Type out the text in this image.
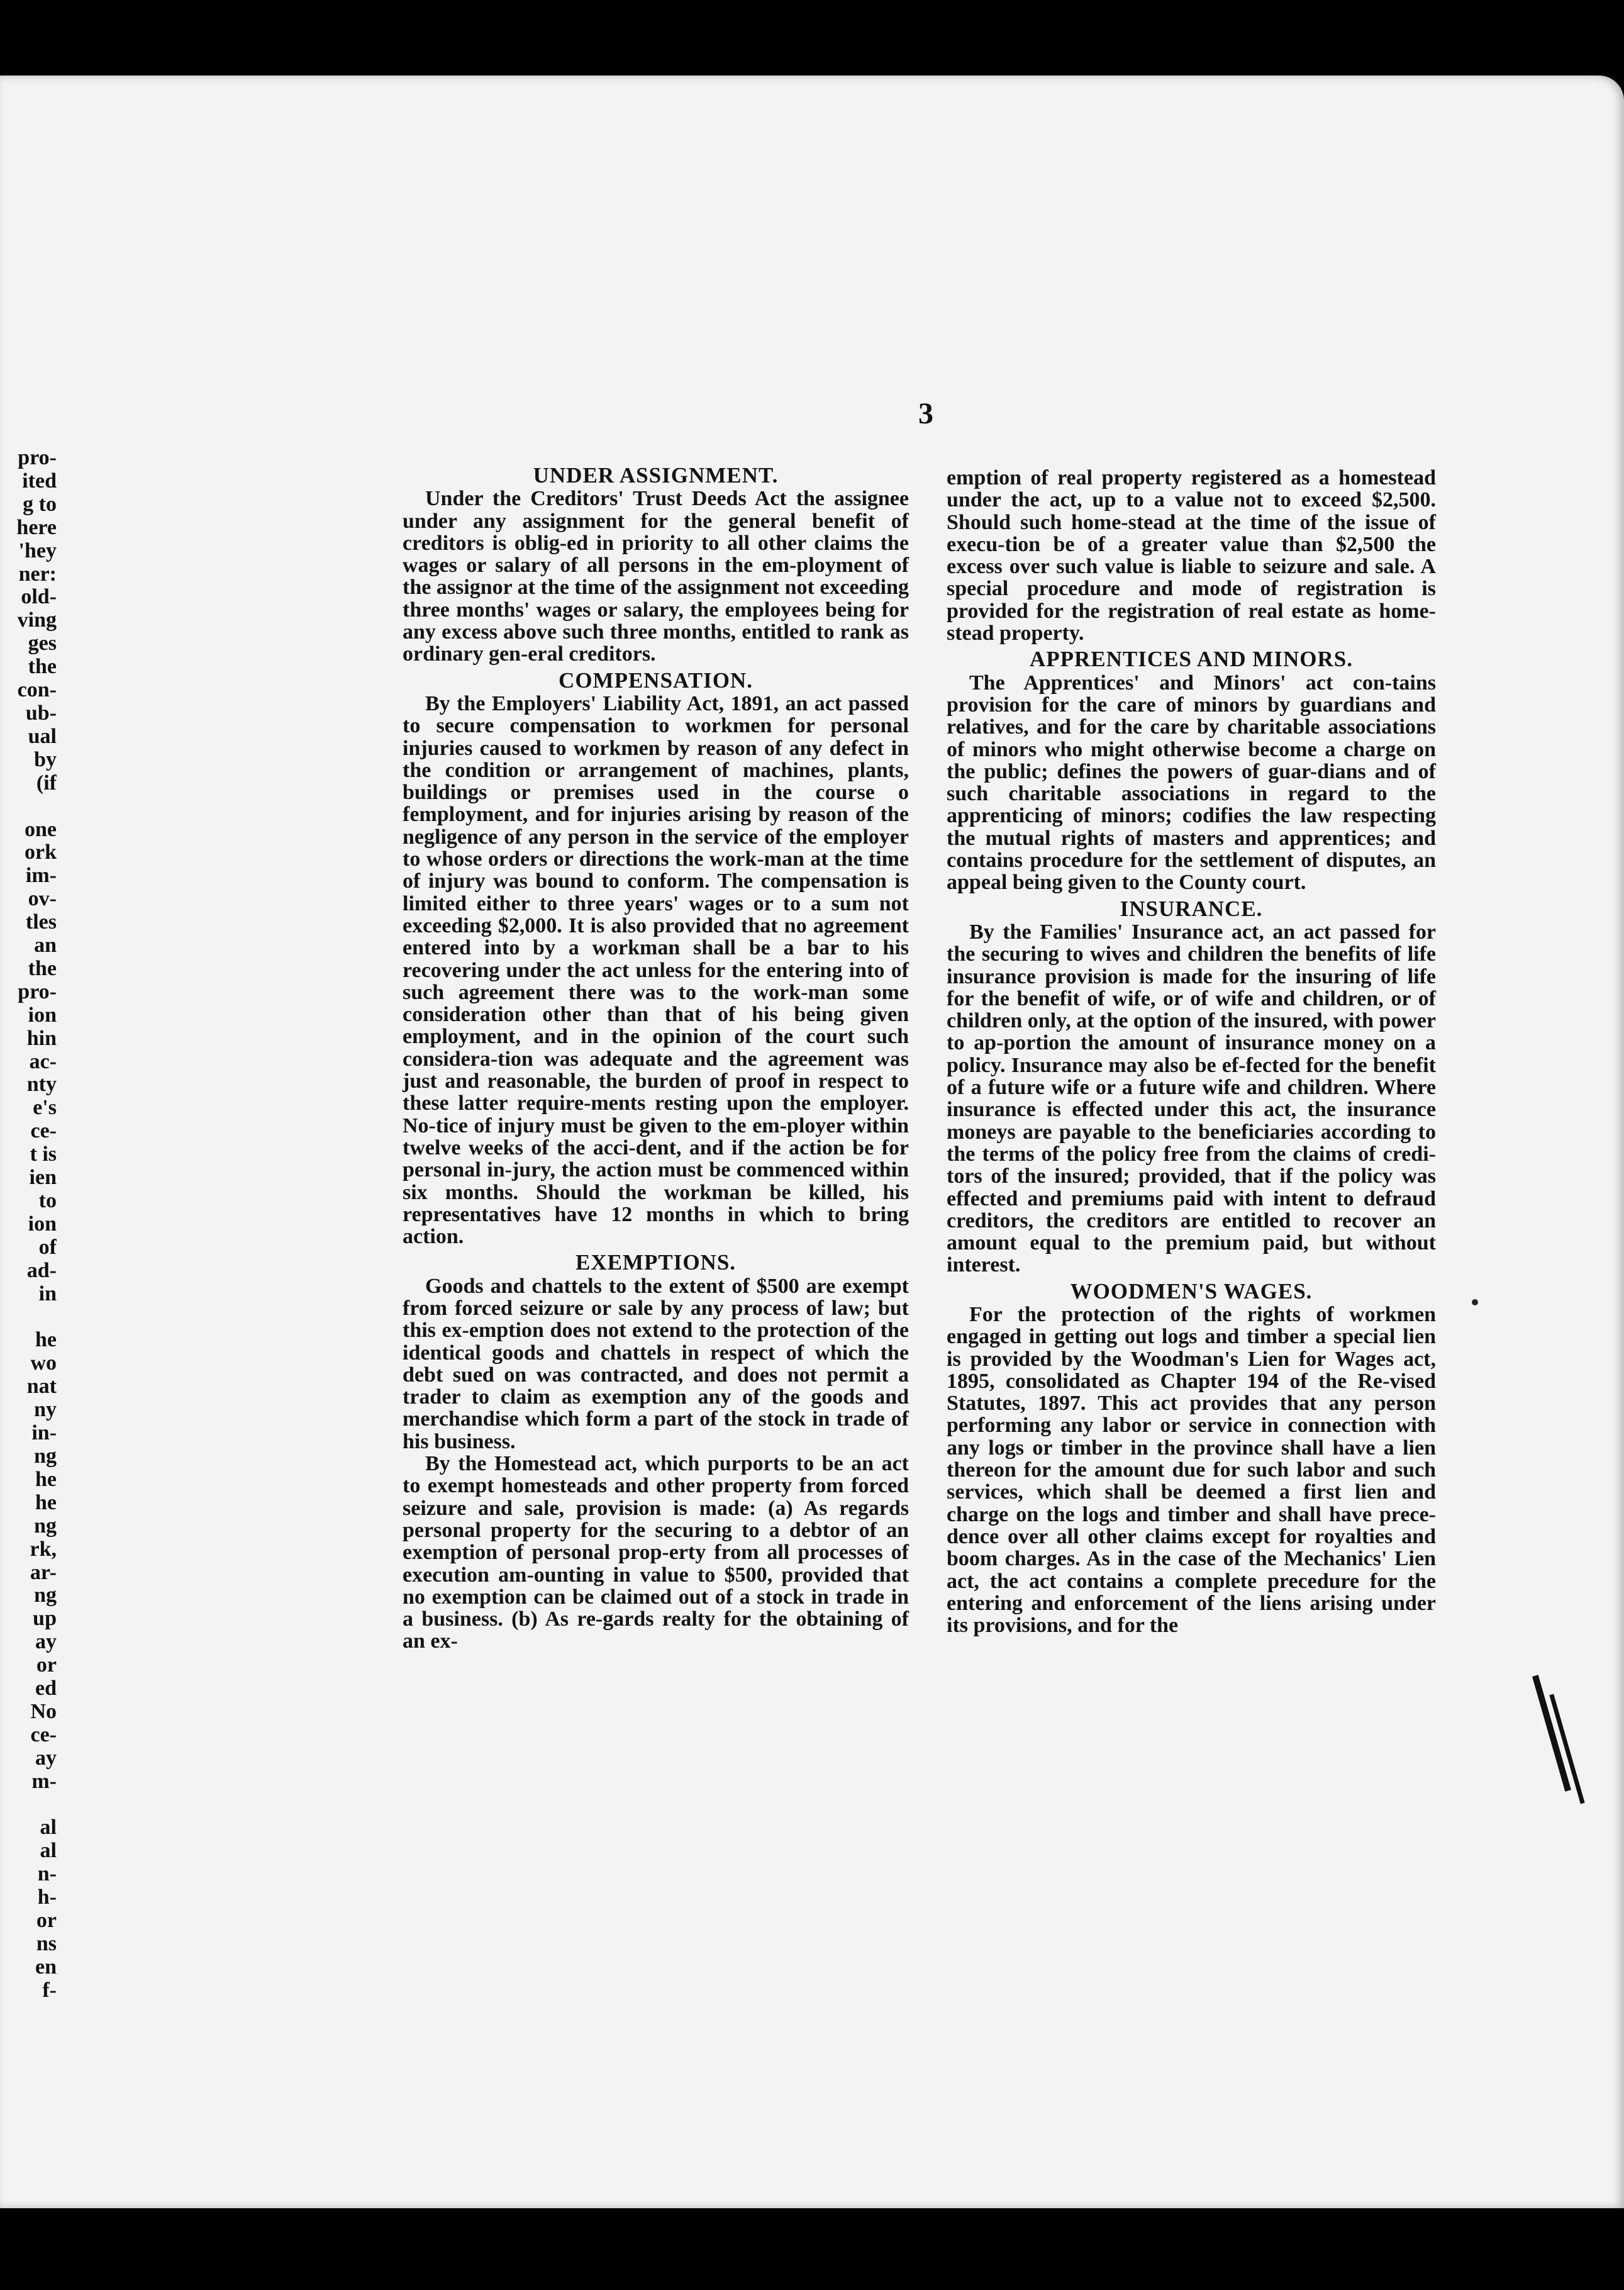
3
pro-
ited
g to
here
'hey
ner:
old-
ving
ges
the
con-
ub-
ual
by
(if

one
ork
im-
ov-
tles
an
the
pro-
ion
hin
ac-
nty
e's
ce-
t is
ien
to
ion
of
ad-
in

he
wo
nat
ny
in-
ng
he
he
ng
rk,
ar-
ng
up
ay
or
ed
No
ce-
ay
m-

al
al
n-
h-
or
ns
en
f-
UNDER ASSIGNMENT.

Under the Creditors' Trust Deeds Act the assignee under any assignment for the general benefit of creditors is oblig-ed in priority to all other claims the wages or salary of all persons in the em-ployment of the assignor at the time of the assignment not exceeding three months' wages or salary, the employees being for any excess above such three months, entitled to rank as ordinary gen-eral creditors.

COMPENSATION.

By the Employers' Liability Act, 1891, an act passed to secure compensation to workmen for personal injuries caused to workmen by reason of any defect in the condition or arrangement of machines, plants, buildings or premises used in the course o femployment, and for injuries arising by reason of the negligence of any person in the service of the employer to whose orders or directions the work-man at the time of injury was bound to conform. The compensation is limited either to three years' wages or to a sum not exceeding $2,000. It is also provided that no agreement entered into by a workman shall be a bar to his recovering under the act unless for the entering into of such agreement there was to the work-man some consideration other than that of his being given employment, and in the opinion of the court such considera-tion was adequate and the agreement was just and reasonable, the burden of proof in respect to these latter require-ments resting upon the employer. No-tice of injury must be given to the em-ployer within twelve weeks of the acci-dent, and if the action be for personal in-jury, the action must be commenced within six months. Should the workman be killed, his representatives have 12 months in which to bring action.

EXEMPTIONS.

Goods and chattels to the extent of $500 are exempt from forced seizure or sale by any process of law; but this ex-emption does not extend to the protection of the identical goods and chattels in respect of which the debt sued on was contracted, and does not permit a trader to claim as exemption any of the goods and merchandise which form a part of the stock in trade of his business.

By the Homestead act, which purports to be an act to exempt homesteads and other property from forced seizure and sale, provision is made: (a) As regards personal property for the securing to a debtor of an exemption of personal prop-erty from all processes of execution am-ounting in value to $500, provided that no exemption can be claimed out of a stock in trade in a business. (b) As re-gards realty for the obtaining of an ex-

emption of real property registered as a homestead under the act, up to a value not to exceed $2,500. Should such home-stead at the time of the issue of execu-tion be of a greater value than $2,500 the excess over such value is liable to seizure and sale. A special procedure and mode of registration is provided for the registration of real estate as home-stead property.

APPRENTICES AND MINORS.

The Apprentices' and Minors' act con-tains provision for the care of minors by guardians and relatives, and for the care by charitable associations of minors who might otherwise become a charge on the public; defines the powers of guar-dians and of such charitable associations in regard to the apprenticing of minors; codifies the law respecting the mutual rights of masters and apprentices; and contains procedure for the settlement of disputes, an appeal being given to the County court.

INSURANCE.

By the Families' Insurance act, an act passed for the securing to wives and children the benefits of life insurance provision is made for the insuring of life for the benefit of wife, or of wife and children, or of children only, at the option of the insured, with power to ap-portion the amount of insurance money on a policy. Insurance may also be ef-fected for the benefit of a future wife or a future wife and children. Where insurance is effected under this act, the insurance moneys are payable to the beneficiaries according to the terms of the policy free from the claims of credi-tors of the insured; provided, that if the policy was effected and premiums paid with intent to defraud creditors, the creditors are entitled to recover an amount equal to the premium paid, but without interest.

WOODMEN'S WAGES.

For the protection of the rights of workmen engaged in getting out logs and timber a special lien is provided by the Woodman's Lien for Wages act, 1895, consolidated as Chapter 194 of the Re-vised Statutes, 1897. This act provides that any person performing any labor or service in connection with any logs or timber in the province shall have a lien thereon for the amount due for such labor and such services, which shall be deemed a first lien and charge on the logs and timber and shall have prece-dence over all other claims except for royalties and boom charges. As in the case of the Mechanics' Lien act, the act contains a complete precedure for the entering and enforcement of the liens arising under its provisions, and for the
